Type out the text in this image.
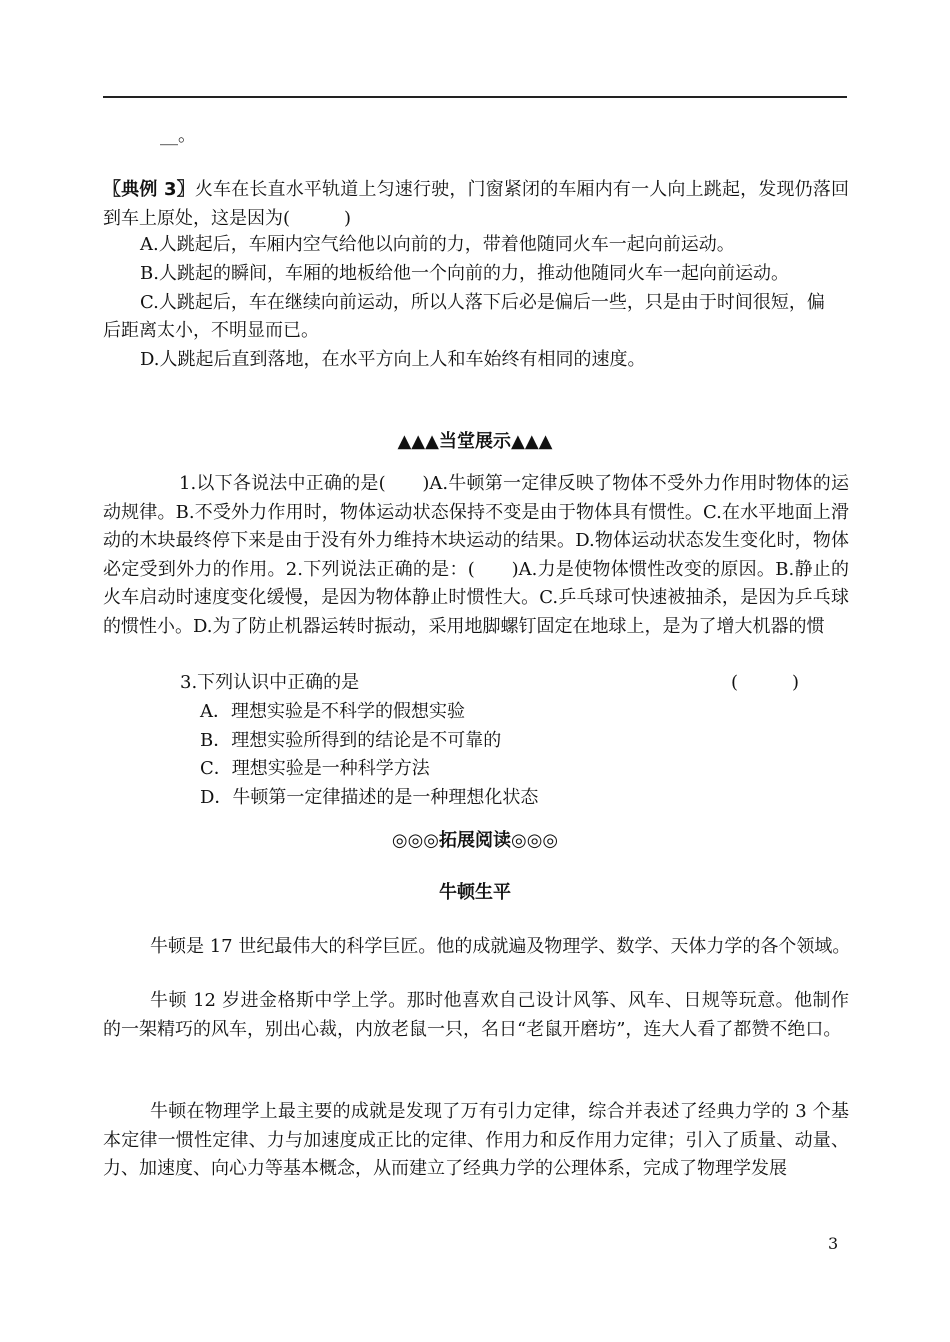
__。

〖典例 3〗火车在长直水平轨道上匀速行驶，门窗紧闭的车厢内有一人向上跳起，发现仍落回到车上原处，这是因为(　　　)

A.人跳起后，车厢内空气给他以向前的力，带着他随同火车一起向前运动。

B.人跳起的瞬间，车厢的地板给他一个向前的力，推动他随同火车一起向前运动。

C.人跳起后，车在继续向前运动，所以人落下后必是偏后一些，只是由于时间很短，偏

后距离太小，不明显而已。

D.人跳起后直到落地，在水平方向上人和车始终有相同的速度。

▲▲▲当堂展示▲▲▲

1.以下各说法中正确的是(　　)A.牛顿第一定律反映了物体不受外力作用时物体的运动规律。B.不受外力作用时，物体运动状态保持不变是由于物体具有惯性。C.在水平地面上滑动的木块最终停下来是由于没有外力维持木块运动的结果。D.物体运动状态发生变化时，物体必定受到外力的作用。2.下列说法正确的是：(　　)A.力是使物体惯性改变的原因。B.静止的火车启动时速度变化缓慢，是因为物体静止时惯性大。C.乒乓球可快速被抽杀，是因为乒乓球的惯性小。D.为了防止机器运转时振动，采用地脚螺钉固定在地球上，是为了增大机器的惯

3.下列认识中正确的是	(　　　)

A．理想实验是不科学的假想实验

B．理想实验所得到的结论是不可靠的

C．理想实验是一种科学方法

D．牛顿第一定律描述的是一种理想化状态

◎◎◎拓展阅读◎◎◎

牛顿生平

牛顿是 17 世纪最伟大的科学巨匠。他的成就遍及物理学、数学、天体力学的各个领域。

牛顿 12 岁进金格斯中学上学。那时他喜欢自己设计风筝、风车、日规等玩意。他制作的一架精巧的风车，别出心裁，内放老鼠一只，名日“老鼠开磨坊”，连大人看了都赞不绝口。

牛顿在物理学上最主要的成就是发现了万有引力定律，综合并表述了经典力学的 3 个基本定律一惯性定律、力与加速度成正比的定律、作用力和反作用力定律；引入了质量、动量、力、加速度、向心力等基本概念，从而建立了经典力学的公理体系，完成了物理学发展

3
